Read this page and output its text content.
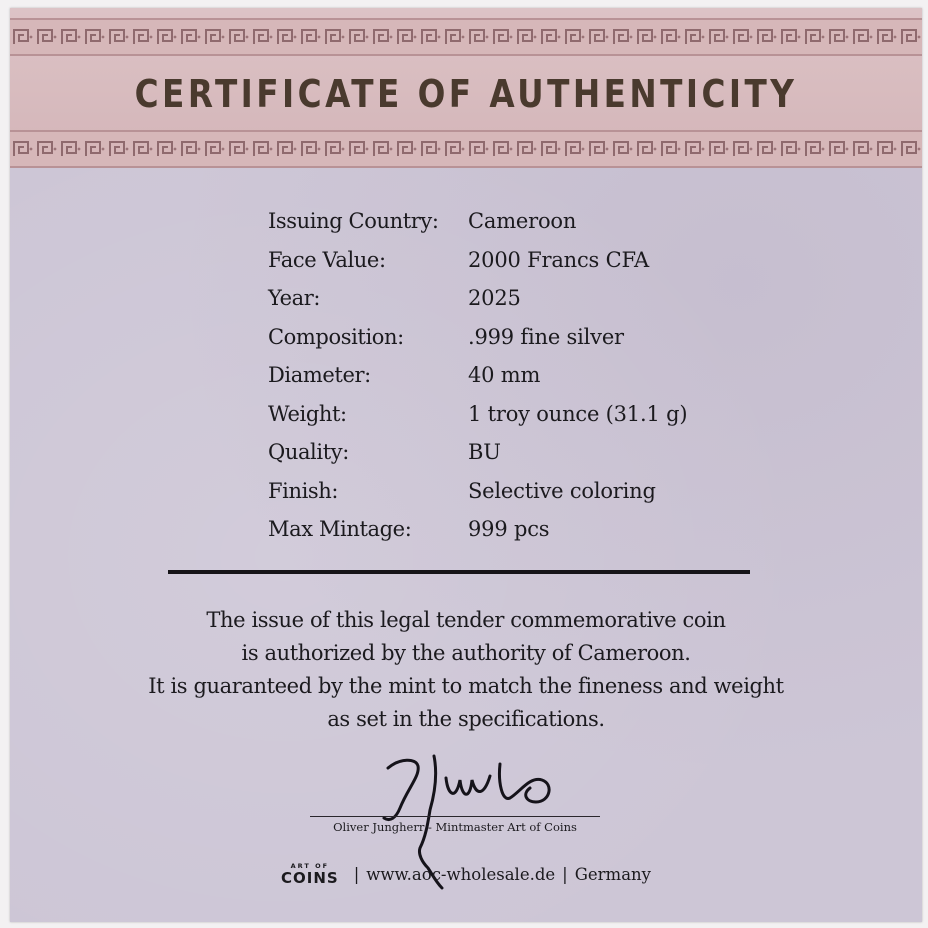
CERTIFICATE OF AUTHENTICITY
Issuing Country:	Cameroon
Face Value:	2000 Francs CFA
Year:	2025
Composition:	.999 fine silver
Diameter:	40 mm
Weight:	1 troy ounce (31.1 g)
Quality:	BU
Finish:	Selective coloring
Max Mintage:	999 pcs
The issue of this legal tender commemorative coin
is authorized by the authority of Cameroon.
It is guaranteed by the mint to match the fineness and weight
as set in the specifications.
Oliver Jungherr - Mintmaster Art of Coins
ART OF
COINS | www.aoc-wholesale.de | Germany
